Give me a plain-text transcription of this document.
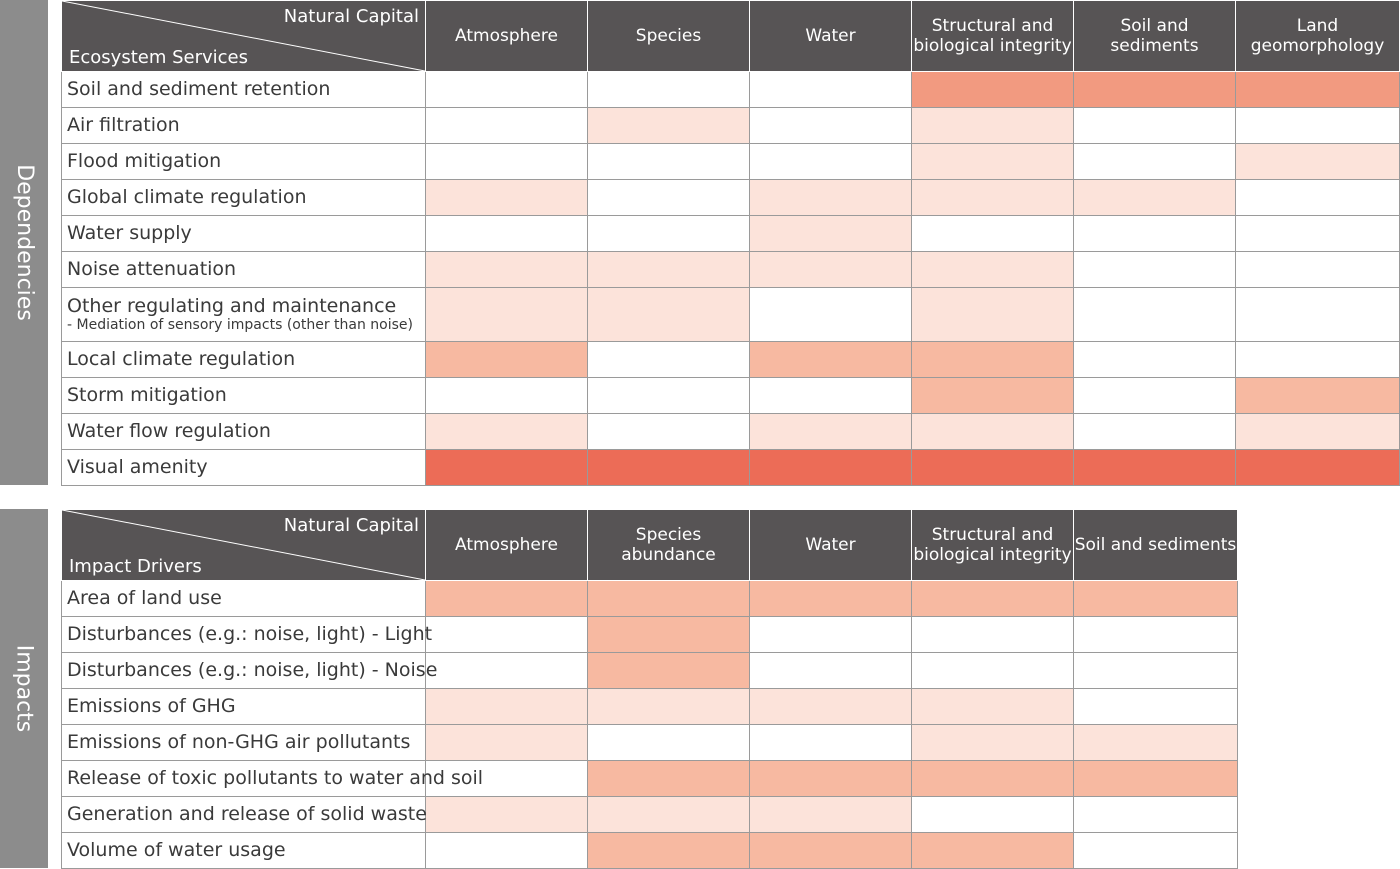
Dependencies
Natural Capital
Ecosystem Services	Atmosphere	Species	Water	Structural and biological integrity	Soil and sediments	Land geomorphology
Soil and sediment retention						
Air filtration						
Flood mitigation						
Global climate regulation						
Water supply						
Noise attenuation						
Other regulating and maintenance
- Mediation of sensory impacts (other than noise)						

Local climate regulation						
Storm mitigation						
Water flow regulation						
Visual amenity						
Impacts
Natural Capital
Impact Drivers	Atmosphere	Species abundance	Water	Structural and biological integrity	Soil and sediments
Area of land use					
Disturbances (e.g.: noise, light) - Light					
Disturbances (e.g.: noise, light) - Noise					
Emissions of GHG					
Emissions of non-GHG air pollutants					
Release of toxic pollutants to water and soil					
Generation and release of solid waste					
Volume of water usage					
